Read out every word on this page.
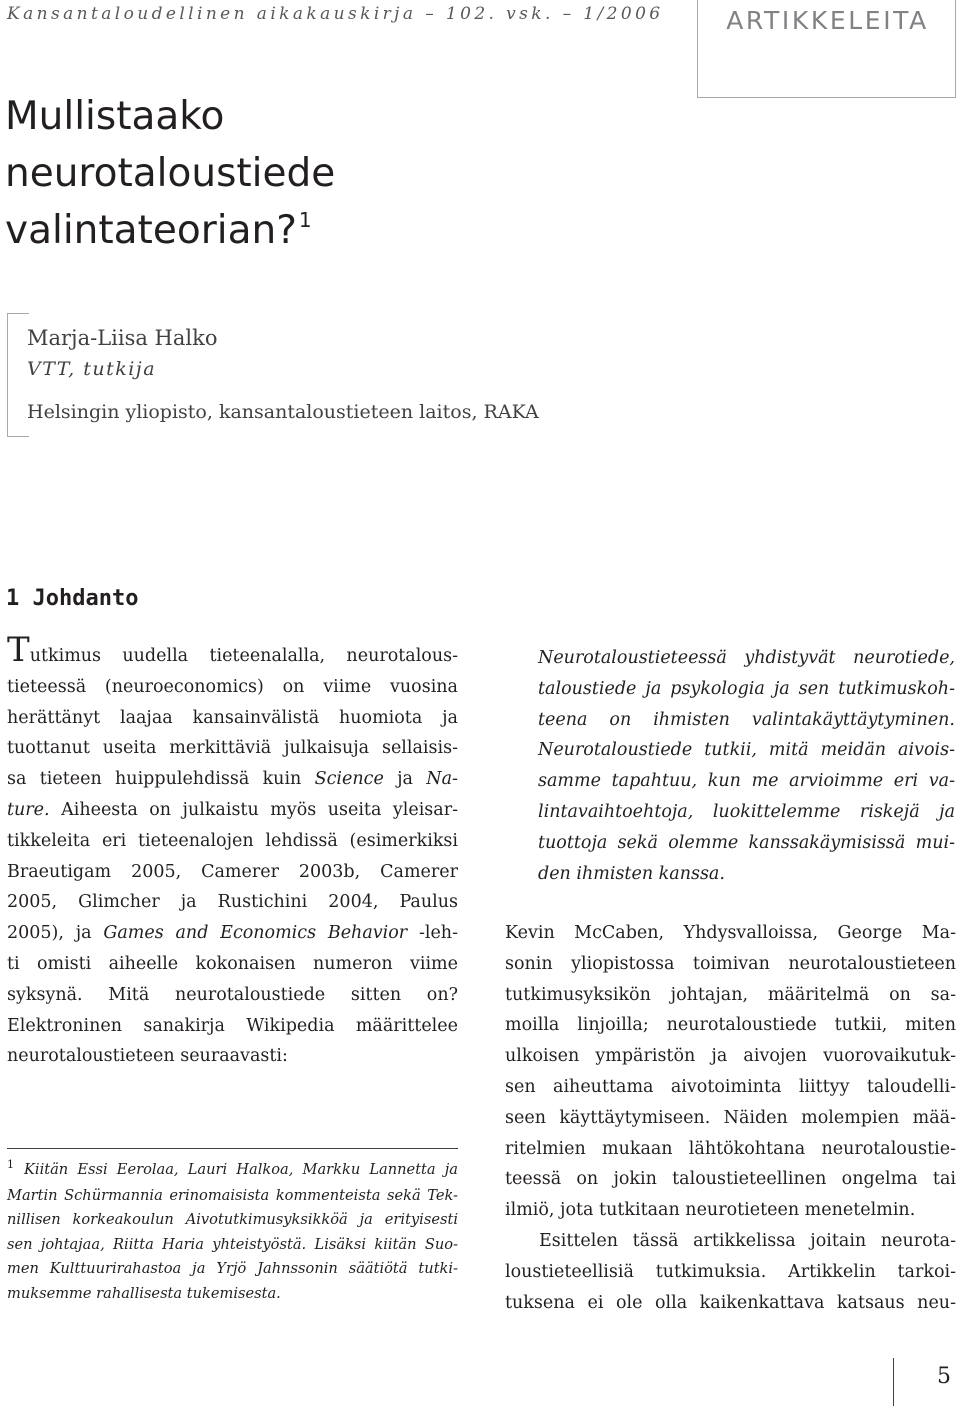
Kansantaloudellinen aikakauskirja – 102. vsk. – 1/2006	ARTIKKELEITA
Mullistaako
neurotaloustiede
valintateorian? $^1$
Marja-Liisa Halko
VTT, tutkija
Helsingin yliopisto, kansantaloustieteen laitos, RAKA
1 Johdanto
Tutkimus uudella tieteenalalla, neurotalous-
tieteessä (neuroeconomics) on viime vuosina
herättänyt laajaa kansainvälistä huomiota ja
tuottanut useita merkittäviä julkaisuja sellaisis-
sa tieteen huippulehdissä kuin Science ja Na-
ture. Aiheesta on julkaistu myös useita yleisar-
tikkeleita eri tieteenalojen lehdissä (esimerkiksi
Braeutigam 2005, Camerer 2003b, Camerer
2005, Glimcher ja Rustichini 2004, Paulus
2005), ja Games and Economics Behavior -leh-
ti omisti aiheelle kokonaisen numeron viime
syksynä. Mitä neurotaloustiede sitten on?
Elektroninen sanakirja Wikipedia määrittelee
neurotaloustieteen seuraavasti:
$^1$ Kiitän Essi Eerolaa, Lauri Halkoa, Markku Lannetta ja
Martin Schürmannia erinomaisista kommenteista sekä Tek-
nillisen korkeakoulun Aivotutkimusyksikköä ja erityisesti
sen johtajaa, Riitta Haria yhteistyöstä. Lisäksi kiitän Suo-
men Kulttuurirahastoa ja Yrjö Jahnssonin säätiötä tutki-
muksemme rahallisesta tukemisesta.
Neurotaloustieteessä yhdistyvät neurotiede,
taloustiede ja psykologia ja sen tutkimuskoh-
teena on ihmisten valintakäyttäytyminen.
Neurotaloustiede tutkii, mitä meidän aivois-
samme tapahtuu, kun me arvioimme eri va-
lintavaihtoehtoja, luokittelemme riskejä ja
tuottoja sekä olemme kanssakäymisissä mui-
den ihmisten kanssa.
Kevin McCaben, Yhdysvalloissa, George Ma-
sonin yliopistossa toimivan neurotaloustieteen
tutkimusyksikön johtajan, määritelmä on sa-
moilla linjoilla; neurotaloustiede tutkii, miten
ulkoisen ympäristön ja aivojen vuorovaikutuk-
sen aiheuttama aivotoiminta liittyy taloudelli-
seen käyttäytymiseen. Näiden molempien mää-
ritelmien mukaan lähtökohtana neurotaloustie-
teessä on jokin taloustieteellinen ongelma tai
ilmiö, jota tutkitaan neurotieteen menetelmin.
Esittelen tässä artikkelissa joitain neurota-
loustieteellisiä tutkimuksia. Artikkelin tarkoi-
tuksena ei ole olla kaikenkattava katsaus neu-
5
